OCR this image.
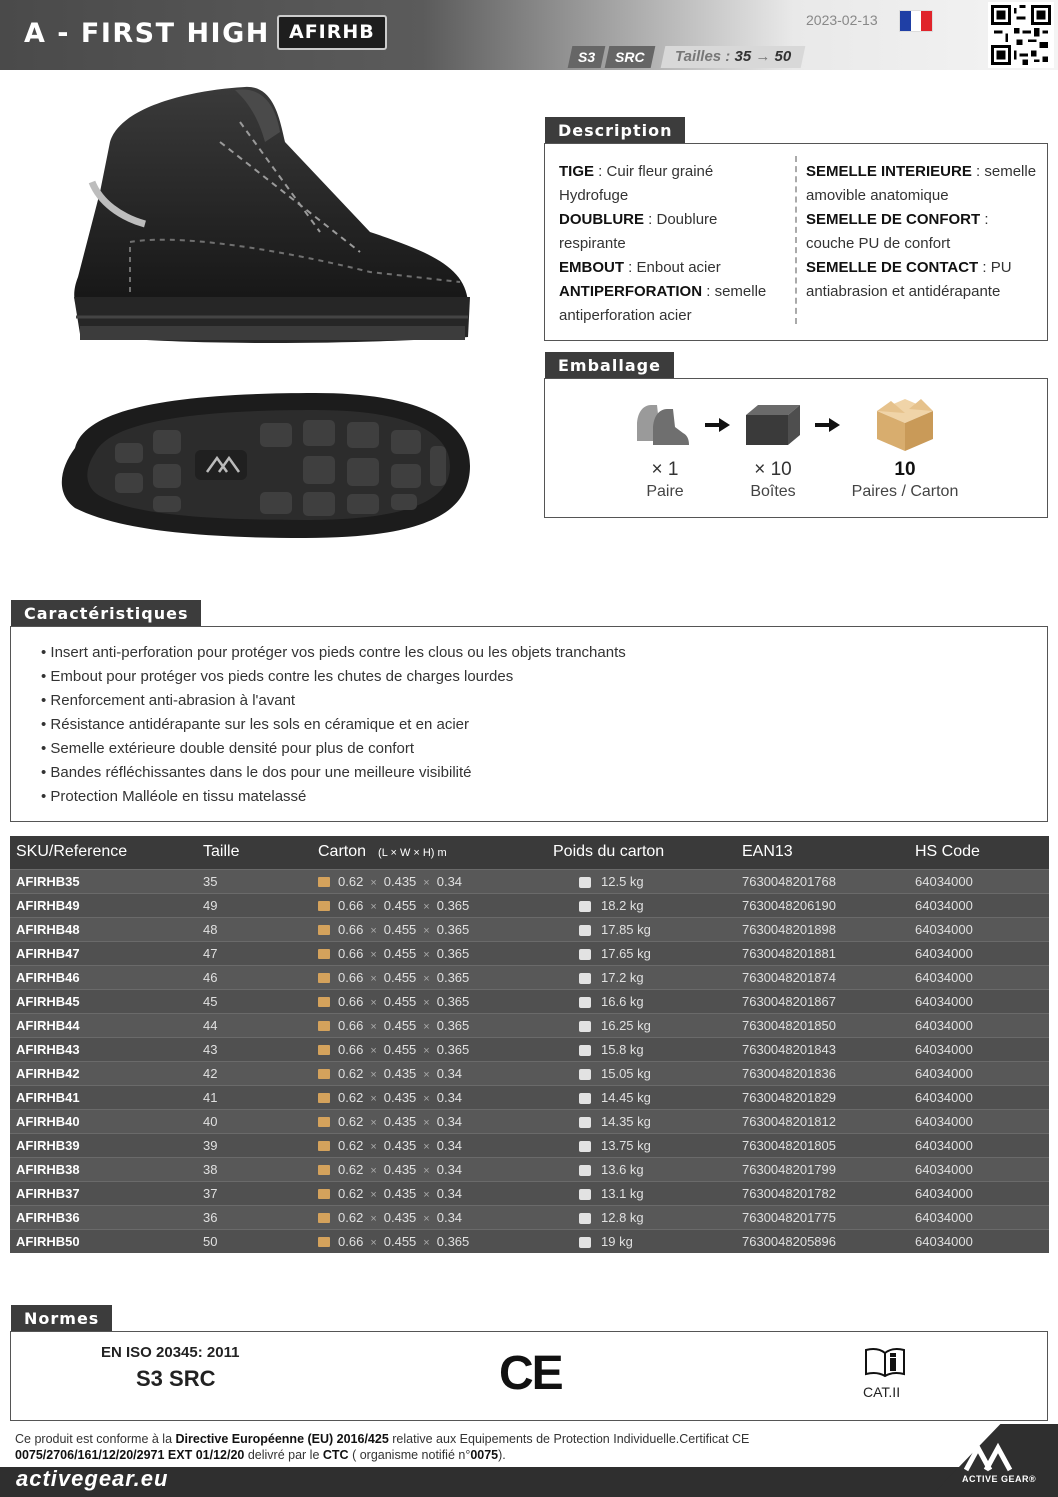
A - FIRST HIGH	AFIRHB
2023-02-13
S3	SRC	Tailles : 35 → 50
Description
TIGE : Cuir fleur grainé Hydrofuge
DOUBLURE : Doublure respirante
EMBOUT : Enbout acier
ANTIPERFORATION : semelle antiperforation acier
SEMELLE INTERIEURE : semelle amovible anatomique
SEMELLE DE CONFORT : couche PU de confort
SEMELLE DE CONTACT : PU antiabrasion et antidérapante
Emballage
× 1
Paire
× 10
Boîtes
10
Paires / Carton
Caractéristiques
• Insert anti-perforation pour protéger vos pieds contre les clous ou les objets tranchants
• Embout pour protéger vos pieds contre les chutes de charges lourdes
• Renforcement anti-abrasion à l'avant
• Résistance antidérapante sur les sols en céramique et en acier
• Semelle extérieure double densité pour plus de confort
• Bandes réfléchissantes dans le dos pour une meilleure visibilité
• Protection Malléole en tissu matelassé
SKU/Reference	Taille	Carton (L × W × H) m	Poids du carton	EAN13	HS Code
AFIRHB35	35	0.62 × 0.435 × 0.34	12.5 kg	7630048201768	64034000
AFIRHB49	49	0.66 × 0.455 × 0.365	18.2 kg	7630048206190	64034000
AFIRHB48	48	0.66 × 0.455 × 0.365	17.85 kg	7630048201898	64034000
AFIRHB47	47	0.66 × 0.455 × 0.365	17.65 kg	7630048201881	64034000
AFIRHB46	46	0.66 × 0.455 × 0.365	17.2 kg	7630048201874	64034000
AFIRHB45	45	0.66 × 0.455 × 0.365	16.6 kg	7630048201867	64034000
AFIRHB44	44	0.66 × 0.455 × 0.365	16.25 kg	7630048201850	64034000
AFIRHB43	43	0.66 × 0.455 × 0.365	15.8 kg	7630048201843	64034000
AFIRHB42	42	0.62 × 0.435 × 0.34	15.05 kg	7630048201836	64034000
AFIRHB41	41	0.62 × 0.435 × 0.34	14.45 kg	7630048201829	64034000
AFIRHB40	40	0.62 × 0.435 × 0.34	14.35 kg	7630048201812	64034000
AFIRHB39	39	0.62 × 0.435 × 0.34	13.75 kg	7630048201805	64034000
AFIRHB38	38	0.62 × 0.435 × 0.34	13.6 kg	7630048201799	64034000
AFIRHB37	37	0.62 × 0.435 × 0.34	13.1 kg	7630048201782	64034000
AFIRHB36	36	0.62 × 0.435 × 0.34	12.8 kg	7630048201775	64034000
AFIRHB50	50	0.66 × 0.455 × 0.365	19 kg	7630048205896	64034000
Normes
EN ISO 20345: 2011
S3 SRC	CE	CAT.II
Ce produit est conforme à la Directive Européenne (EU) 2016/425 relative aux Equipements de Protection Individuelle.Certificat CE 0075/2706/161/12/20/2971 EXT 01/12/20 delivré par le CTC ( organisme notifié n°0075).
ACTIVE GEAR®
activegear.eu
